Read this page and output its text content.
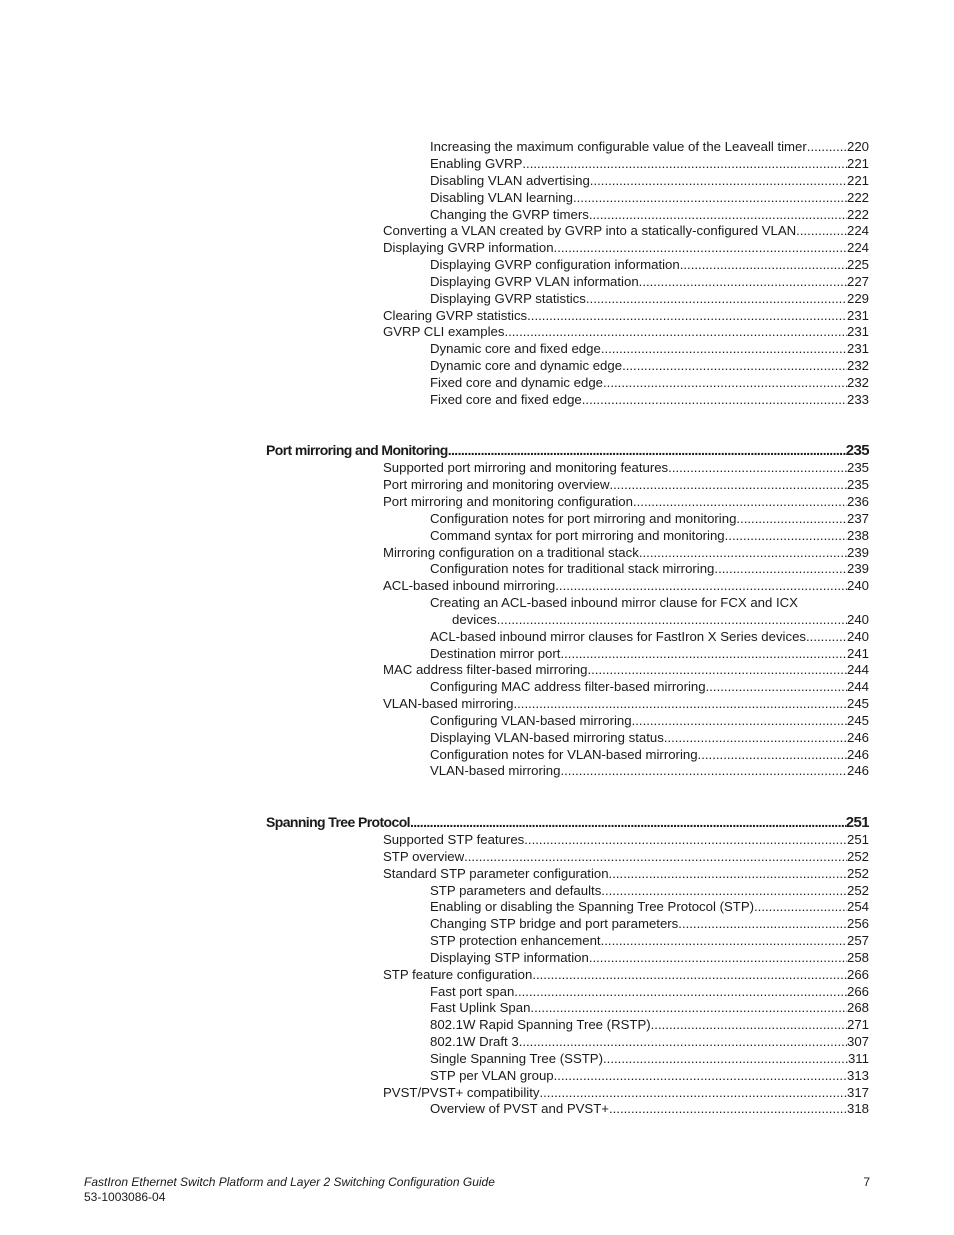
Increasing the maximum configurable value of the Leaveall timer .....	220
Enabling GVRP .....	221
Disabling VLAN advertising .....	221
Disabling VLAN learning .....	222
Changing the GVRP timers .....	222
Converting a VLAN created by GVRP into a statically-configured VLAN .....	224
Displaying GVRP information .....	224
Displaying GVRP configuration information .....	225
Displaying GVRP VLAN information .....	227
Displaying GVRP statistics .....	229
Clearing GVRP statistics .....	231
GVRP CLI examples .....	231
Dynamic core and fixed edge .....	231
Dynamic core and dynamic edge .....	232
Fixed core and dynamic edge .....	232
Fixed core and fixed edge .....	233
Port mirroring and Monitoring .....	235
Supported port mirroring and monitoring features .....	235
Port mirroring and monitoring overview .....	235
Port mirroring and monitoring configuration .....	236
Configuration notes for port mirroring and monitoring .....	237
Command syntax for port mirroring and monitoring .....	238
Mirroring configuration on a traditional stack .....	239
Configuration notes for traditional stack mirroring .....	239
ACL-based inbound mirroring .....	240
Creating an ACL-based inbound mirror clause for FCX and ICX
devices .....	240
ACL-based inbound mirror clauses for FastIron X Series devices .....	240
Destination mirror port .....	241
MAC address filter-based mirroring .....	244
Configuring MAC address filter-based mirroring .....	244
VLAN-based mirroring .....	245
Configuring VLAN-based mirroring .....	245
Displaying VLAN-based mirroring status .....	246
Configuration notes for VLAN-based mirroring .....	246
VLAN-based mirroring .....	246
Spanning Tree Protocol .....	251
Supported STP features .....	251
STP overview .....	252
Standard STP parameter configuration .....	252
STP parameters and defaults .....	252
Enabling or disabling the Spanning Tree Protocol (STP) .....	254
Changing STP bridge and port parameters .....	256
STP protection enhancement .....	257
Displaying STP information .....	258
STP feature configuration .....	266
Fast port span .....	266
Fast Uplink Span .....	268
802.1W Rapid Spanning Tree (RSTP) .....	271
802.1W Draft 3 .....	307
Single Spanning Tree (SSTP) .....	311
STP per VLAN group .....	313
PVST/PVST+ compatibility .....	317
Overview of PVST and PVST+ .....	318
FastIron Ethernet Switch Platform and Layer 2 Switching Configuration Guide
53-1003086-04
7
